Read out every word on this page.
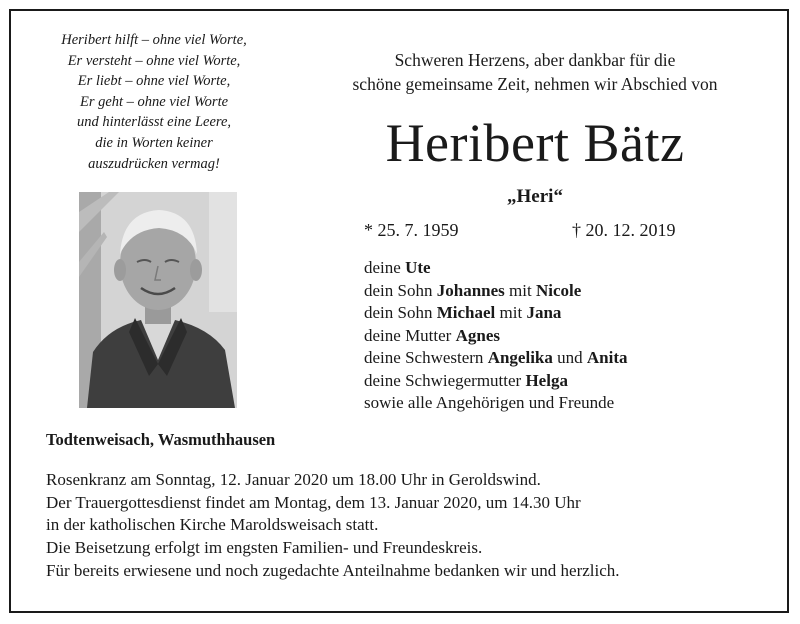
Heribert hilft – ohne viel Worte,
Er versteht – ohne viel Worte,
Er liebt – ohne viel Worte,
Er geht – ohne viel Worte
und hinterlässt eine Leere,
die in Worten keiner
auszudrücken vermag!
Schweren Herzens, aber dankbar für die
schöne gemeinsame Zeit, nehmen wir Abschied von
Heribert Bätz
„Heri“
* 25. 7. 1959	† 20. 12. 2019
deine Ute
dein Sohn Johannes mit Nicole
dein Sohn Michael mit Jana
deine Mutter Agnes
deine Schwestern Angelika und Anita
deine Schwiegermutter Helga
sowie alle Angehörigen und Freunde
Todtenweisach, Wasmuthhausen
Rosenkranz am Sonntag, 12. Januar 2020 um 18.00 Uhr in Geroldswind.
Der Trauergottesdienst findet am Montag, dem 13. Januar 2020, um 14.30 Uhr
in der katholischen Kirche Maroldsweisach statt.
Die Beisetzung erfolgt im engsten Familien- und Freundeskreis.
Für bereits erwiesene und noch zugedachte Anteilnahme bedanken wir und herzlich.
